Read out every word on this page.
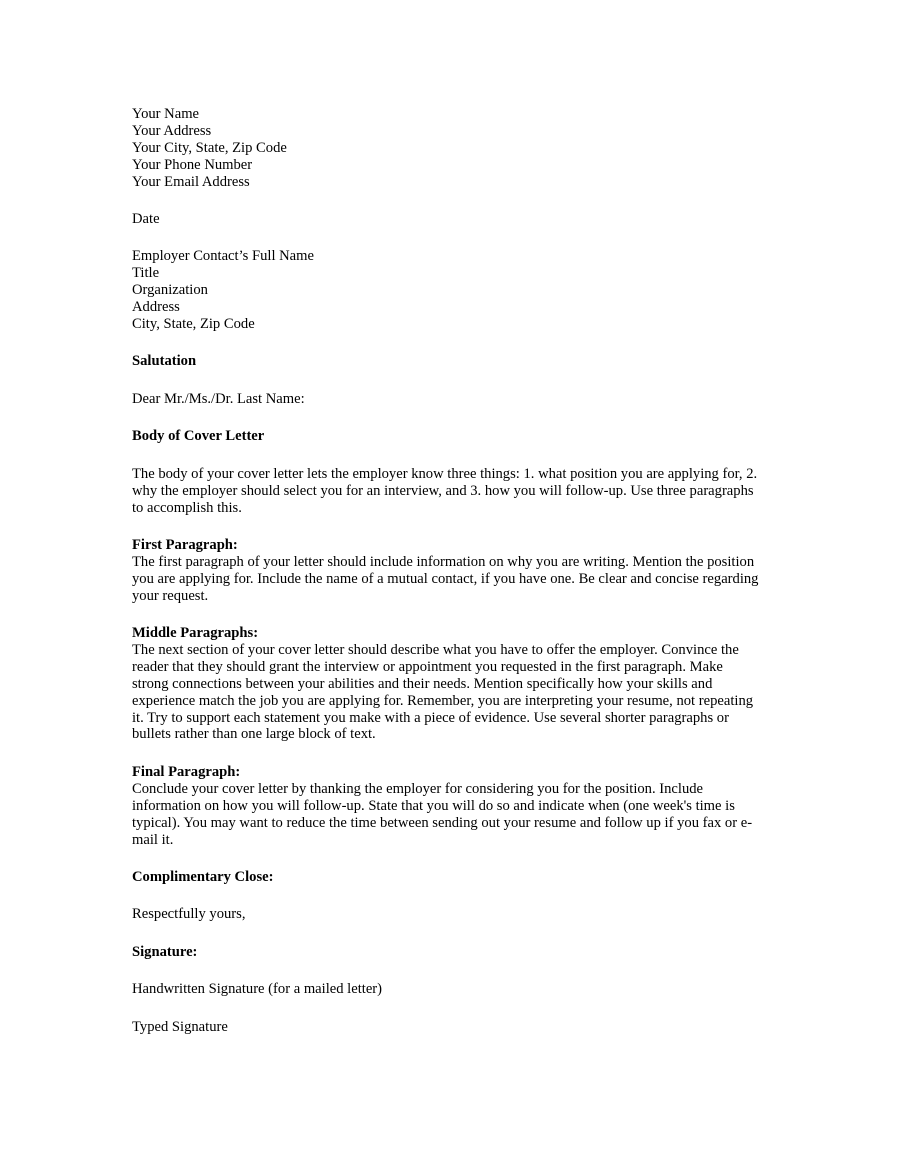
Your Name
Your Address
Your City, State, Zip Code
Your Phone Number
Your Email Address
Date
Employer Contact’s Full Name
Title
Organization
Address
City, State, Zip Code
Salutation
Dear Mr./Ms./Dr. Last Name:
Body of Cover Letter

The body of your cover letter lets the employer know three things: 1. what position you are applying for, 2.
why the employer should select you for an interview, and 3. how you will follow-up. Use three paragraphs
to accomplish this.

First Paragraph:

The first paragraph of your letter should include information on why you are writing. Mention the position
you are applying for. Include the name of a mutual contact, if you have one. Be clear and concise regarding
your request.

Middle Paragraphs:

The next section of your cover letter should describe what you have to offer the employer. Convince the
reader that they should grant the interview or appointment you requested in the first paragraph. Make
strong connections between your abilities and their needs. Mention specifically how your skills and
experience match the job you are applying for. Remember, you are interpreting your resume, not repeating
it. Try to support each statement you make with a piece of evidence. Use several shorter paragraphs or
bullets rather than one large block of text.

Final Paragraph:

Conclude your cover letter by thanking the employer for considering you for the position. Include
information on how you will follow-up. State that you will do so and indicate when (one week's time is
typical). You may want to reduce the time between sending out your resume and follow up if you fax or e-
mail it.

Complimentary Close:
Respectfully yours,
Signature:
Handwritten Signature (for a mailed letter)
Typed Signature
